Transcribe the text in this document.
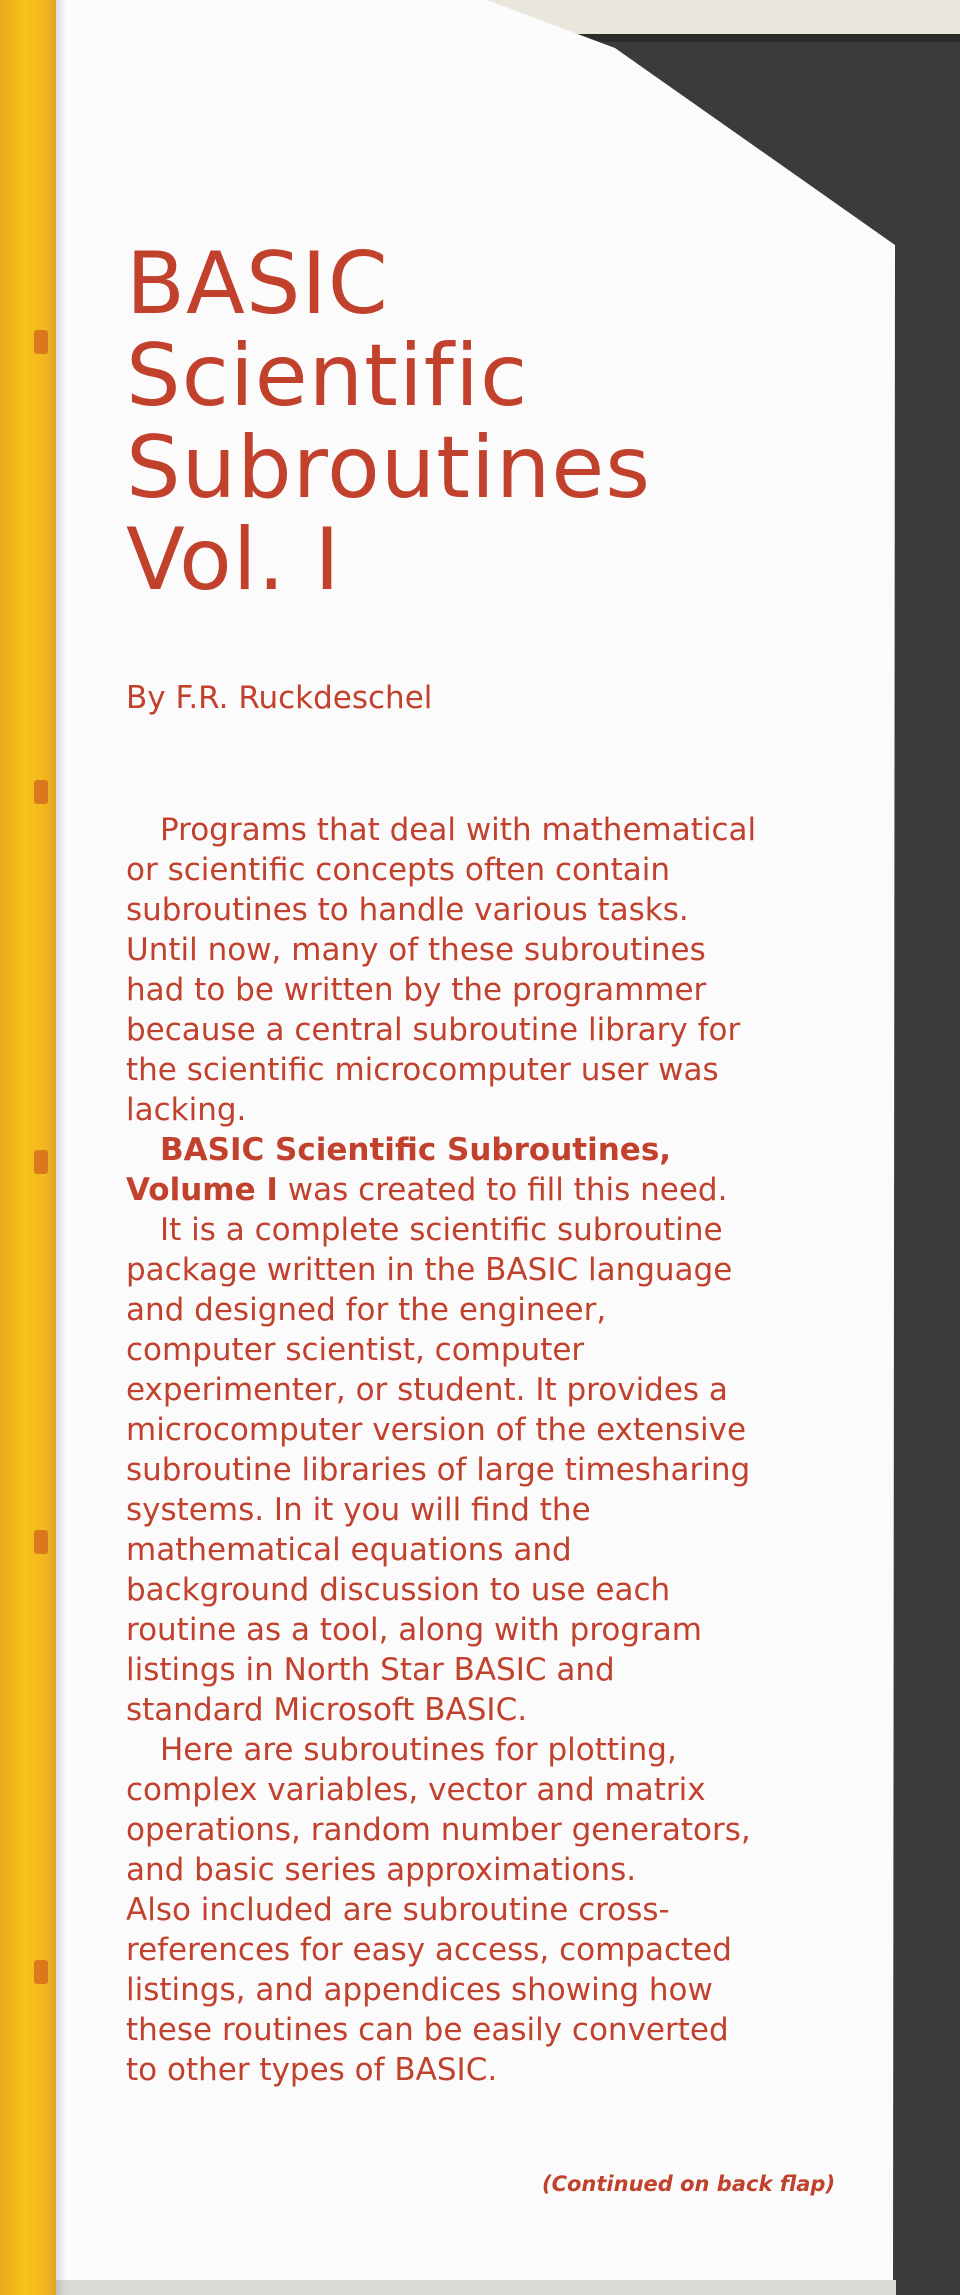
BASIC Scientific
Subroutines
Vol. I

By F.R. Ruckdeschel

Programs that deal with mathematical or scientific concepts often contain subroutines to handle various tasks. Until now, many of these subroutines had to be written by the programmer because a central subroutine library for the scientific microcomputer user was lacking.

BASIC Scientific Subroutines, Volume I was created to fill this need.

It is a complete scientific subroutine package written in the BASIC language and designed for the engineer, computer scientist, computer experimenter, or student. It provides a microcomputer version of the extensive subroutine libraries of large timesharing systems. In it you will find the mathematical equations and background discussion to use each routine as a tool, along with program listings in North Star BASIC and standard Microsoft BASIC.

Here are subroutines for plotting, complex variables, vector and matrix operations, random number generators, and basic series approximations.

Also included are subroutine cross-references for easy access, compacted listings, and appendices showing how these routines can be easily converted to other types of BASIC.

(Continued on back flap)
